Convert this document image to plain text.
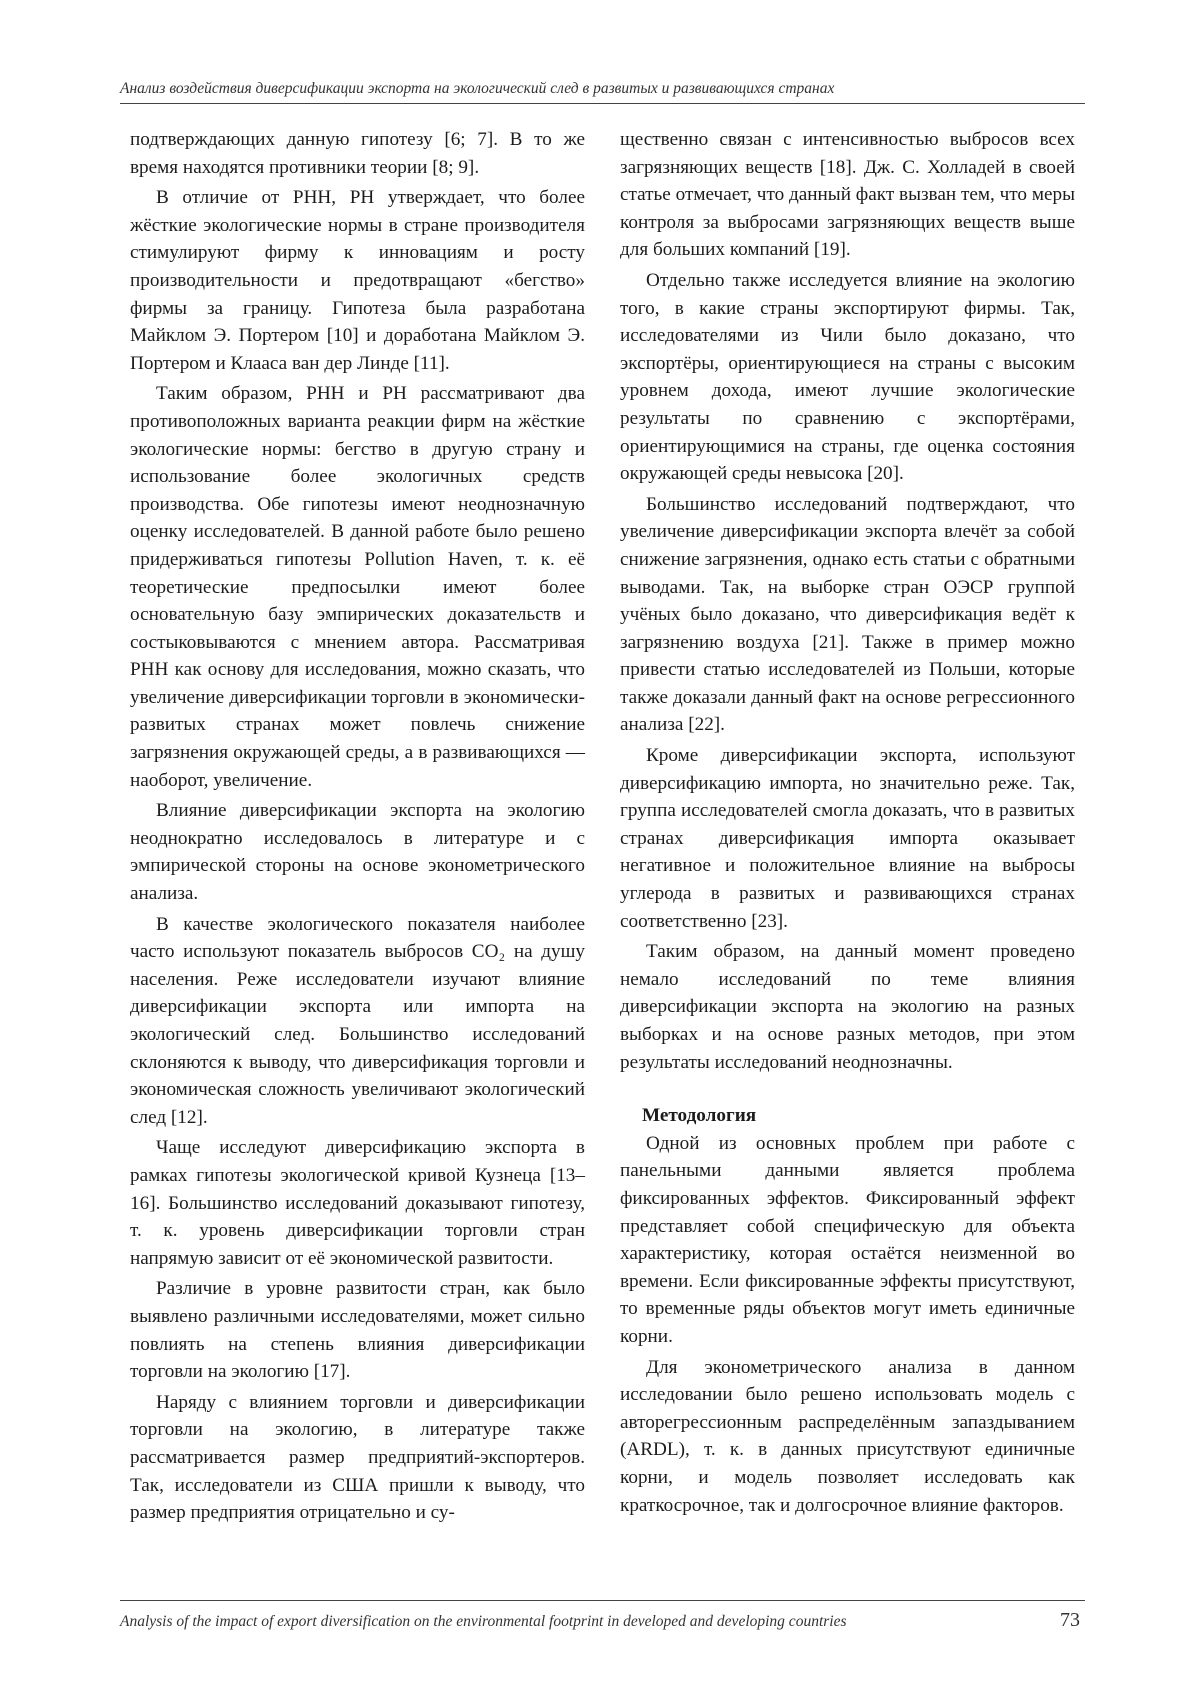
Анализ воздействия диверсификации экспорта на экологический след в развитых и развивающихся странах

подтверждающих данную гипотезу [6; 7]. В то же время находятся противники теории [8; 9].

В отличие от PHH, PH утверждает, что более жёсткие экологические нормы в стране производителя стимулируют фирму к инновациям и росту производительности и предотвращают «бегство» фирмы за границу. Гипотеза была разработана Майклом Э. Портером [10] и доработана Майклом Э. Портером и Клааса ван дер Линде [11].

Таким образом, PHH и PH рассматривают два противоположных варианта реакции фирм на жёсткие экологические нормы: бегство в другую страну и использование более экологичных средств производства. Обе гипотезы имеют неоднозначную оценку исследователей. В данной работе было решено придерживаться гипотезы Pollution Haven, т. к. её теоретические предпосылки имеют более основательную базу эмпирических доказательств и состыковываются с мнением автора. Рассматривая PHH как основу для исследования, можно сказать, что увеличение диверсификации торговли в экономически-развитых странах может повлечь снижение загрязнения окружающей среды, а в развивающихся — наоборот, увеличение.

Влияние диверсификации экспорта на экологию неоднократно исследовалось в литературе и с эмпирической стороны на основе эконометрического анализа.

В качестве экологического показателя наиболее часто используют показатель выбросов CO₂ на душу населения. Реже исследователи изучают влияние диверсификации экспорта или импорта на экологический след. Большинство исследований склоняются к выводу, что диверсификация торговли и экономическая сложность увеличивают экологический след [12].

Чаще исследуют диверсификацию экспорта в рамках гипотезы экологической кривой Кузнеца [13–16]. Большинство исследований доказывают гипотезу, т. к. уровень диверсификации торговли стран напрямую зависит от её экономической развитости.

Различие в уровне развитости стран, как было выявлено различными исследователями, может сильно повлиять на степень влияния диверсификации торговли на экологию [17].

Наряду с влиянием торговли и диверсификации торговли на экологию, в литературе также рассматривается размер предприятий-экспортеров. Так, исследователи из США пришли к выводу, что размер предприятия отрицательно и су-

щественно связан с интенсивностью выбросов всех загрязняющих веществ [18]. Дж. С. Холладей в своей статье отмечает, что данный факт вызван тем, что меры контроля за выбросами загрязняющих веществ выше для больших компаний [19].

Отдельно также исследуется влияние на экологию того, в какие страны экспортируют фирмы. Так, исследователями из Чили было доказано, что экспортёры, ориентирующиеся на страны с высоким уровнем дохода, имеют лучшие экологические результаты по сравнению с экспортёрами, ориентирующимися на страны, где оценка состояния окружающей среды невысока [20].

Большинство исследований подтверждают, что увеличение диверсификации экспорта влечёт за собой снижение загрязнения, однако есть статьи с обратными выводами. Так, на выборке стран ОЭСР группой учёных было доказано, что диверсификация ведёт к загрязнению воздуха [21]. Также в пример можно привести статью исследователей из Польши, которые также доказали данный факт на основе регрессионного анализа [22].

Кроме диверсификации экспорта, используют диверсификацию импорта, но значительно реже. Так, группа исследователей смогла доказать, что в развитых странах диверсификация импорта оказывает негативное и положительное влияние на выбросы углерода в развитых и развивающихся странах соответственно [23].

Таким образом, на данный момент проведено немало исследований по теме влияния диверсификации экспорта на экологию на разных выборках и на основе разных методов, при этом результаты исследований неоднозначны.

Методология

Одной из основных проблем при работе с панельными данными является проблема фиксированных эффектов. Фиксированный эффект представляет собой специфическую для объекта характеристику, которая остаётся неизменной во времени. Если фиксированные эффекты присутствуют, то временные ряды объектов могут иметь единичные корни.

Для эконометрического анализа в данном исследовании было решено использовать модель с авторегрессионным распределённым запаздыванием (ARDL), т. к. в данных присутствуют единичные корни, и модель позволяет исследовать как краткосрочное, так и долгосрочное влияние факторов.

Analysis of the impact of export diversification on the environmental footprint in developed and developing countries	73
